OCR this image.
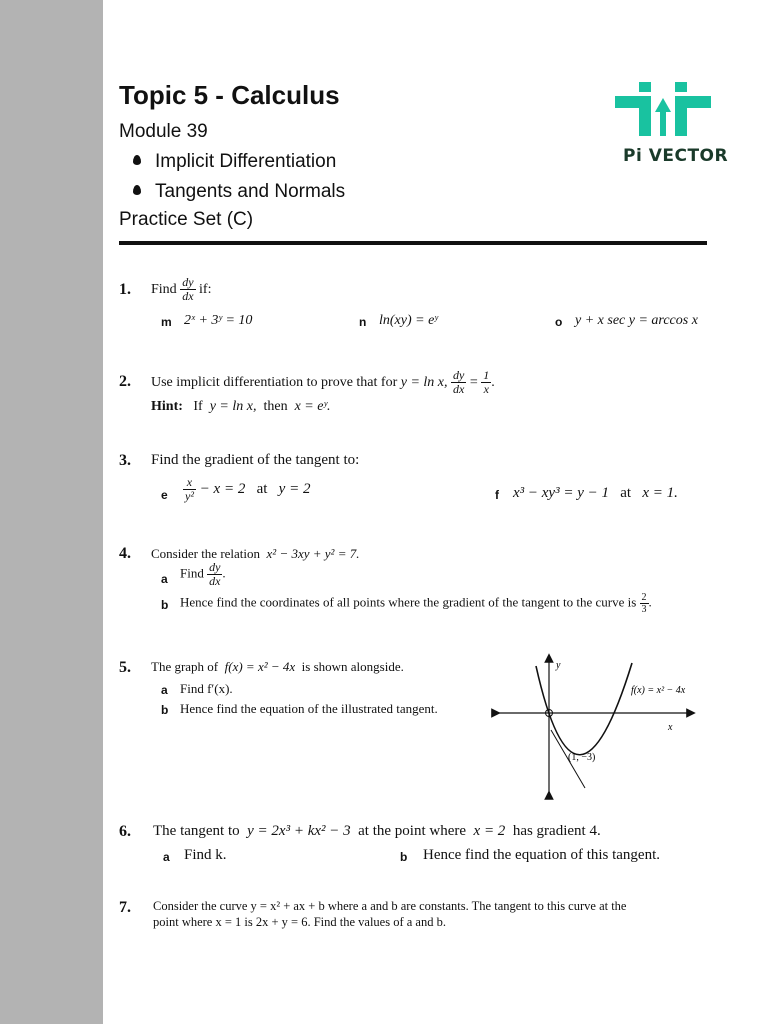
Topic 5 - Calculus
Module 39
Implicit Differentiation
Tangents and Normals
Practice Set (C)
Pi VECTOR
1. Find $\frac{dy}{dx}$ if:
m 2ˣ + 3ʸ = 10	n ln(xy) = eʸ	o y + x sec y = arccos x
2. Use implicit differentiation to prove that for y = ln x, $\frac{dy}{dx} = \frac{1}{x}$ .
Hint: If y = ln x, then x = eʸ.
3. Find the gradient of the tangent to:
e $\frac{x}{\text{y²}} - x = 2$ at y = 2	f x³ − xy³ = y − 1 at x = 1.
4. Consider the relation x² − 3xy + y² = 7.
a Find $\frac{dy}{dx}$ .
b Hence find the coordinates of all points where the gradient of the tangent to the curve is $\frac{2}{3}$ .
5. The graph of f(x) = x² − 4x is shown alongside.
a Find f′(x).
b Hence find the equation of the illustrated tangent.
y
x
f(x) = x² − 4x
(1, −3)
6. The tangent to y = 2x³ + kx² − 3 at the point where x = 2 has gradient 4.
a Find k.	b Hence find the equation of this tangent.
7. Consider the curve y = x² + ax + b where a and b are constants. The tangent to this curve at the
point where x = 1 is 2x + y = 6. Find the values of a and b.
